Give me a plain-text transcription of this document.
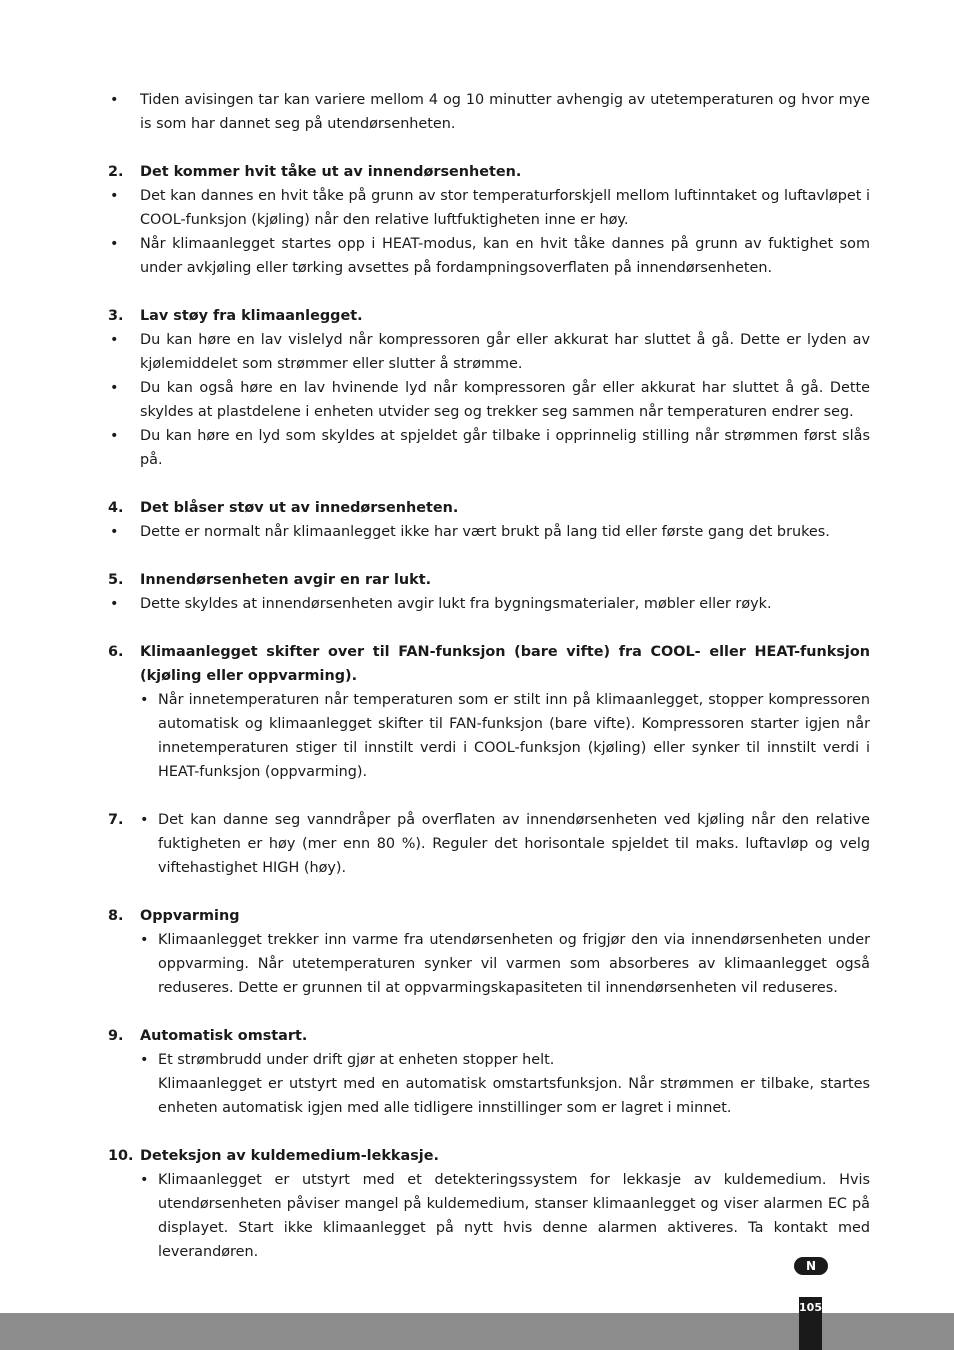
•	Tiden avisingen tar kan variere mellom 4 og 10 minutter avhengig av utetemperaturen og hvor mye is som har dannet seg på utendørsenheten.
2.	Det kommer hvit tåke ut av innendørsenheten.
•	Det kan dannes en hvit tåke på grunn av stor temperaturforskjell mellom luftinntaket og luftavløpet i COOL-funksjon (kjøling) når den relative luftfuktigheten inne er høy.
•	Når klimaanlegget startes opp i HEAT-modus, kan en hvit tåke dannes på grunn av fuktighet som under avkjøling eller tørking avsettes på fordampningsoverflaten på innendørsenheten.
3.	Lav støy fra klimaanlegget.
•	Du kan høre en lav vislelyd når kompressoren går eller akkurat har sluttet å gå. Dette er lyden av kjølemiddelet som strømmer eller slutter å strømme.
•	Du kan også høre en lav hvinende lyd når kompressoren går eller akkurat har sluttet å gå. Dette skyldes at plastdelene i enheten utvider seg og trekker seg sammen når temperaturen endrer seg.
•	Du kan høre en lyd som skyldes at spjeldet går tilbake i opprinnelig stilling når strømmen først slås på.
4.	Det blåser støv ut av innedørsenheten.
•	Dette er normalt når klimaanlegget ikke har vært brukt på lang tid eller første gang det brukes.
5.	Innendørsenheten avgir en rar lukt.
•	Dette skyldes at innendørsenheten avgir lukt fra bygningsmaterialer, møbler eller røyk.
6.	Klimaanlegget skifter over til FAN-funksjon (bare vifte) fra COOL- eller HEAT-funksjon (kjøling eller oppvarming).
• Når innetemperaturen når temperaturen som er stilt inn på klimaanlegget, stopper kompressoren automatisk og klimaanlegget skifter til FAN-funksjon (bare vifte). Kompressoren starter igjen når innetemperaturen stiger til innstilt verdi i COOL-funksjon (kjøling) eller synker til innstilt verdi i HEAT-funksjon (oppvarming).
7.	• Det kan danne seg vanndråper på overflaten av innendørsenheten ved kjøling når den relative fuktigheten er høy (mer enn 80 %). Reguler det horisontale spjeldet til maks. luftavløp og velg viftehastighet HIGH (høy).
8.	Oppvarming
• Klimaanlegget trekker inn varme fra utendørsenheten og frigjør den via innendørsenheten under oppvarming. Når utetemperaturen synker vil varmen som absorberes av klimaanlegget også reduseres. Dette er grunnen til at oppvarmingskapasiteten til innendørsenheten vil reduseres.
9.	Automatisk omstart.
• Et strømbrudd under drift gjør at enheten stopper helt.
Klimaanlegget er utstyrt med en automatisk omstartsfunksjon. Når strømmen er tilbake, startes enheten automatisk igjen med alle tidligere innstillinger som er lagret i minnet.
10. Deteksjon av kuldemedium-lekkasje.
• Klimaanlegget er utstyrt med et detekteringssystem for lekkasje av kuldemedium. Hvis utendørsenheten påviser mangel på kuldemedium, stanser klimaanlegget og viser alarmen EC på displayet. Start ikke klimaanlegget på nytt hvis denne alarmen aktiveres. Ta kontakt med leverandøren.
N
105
